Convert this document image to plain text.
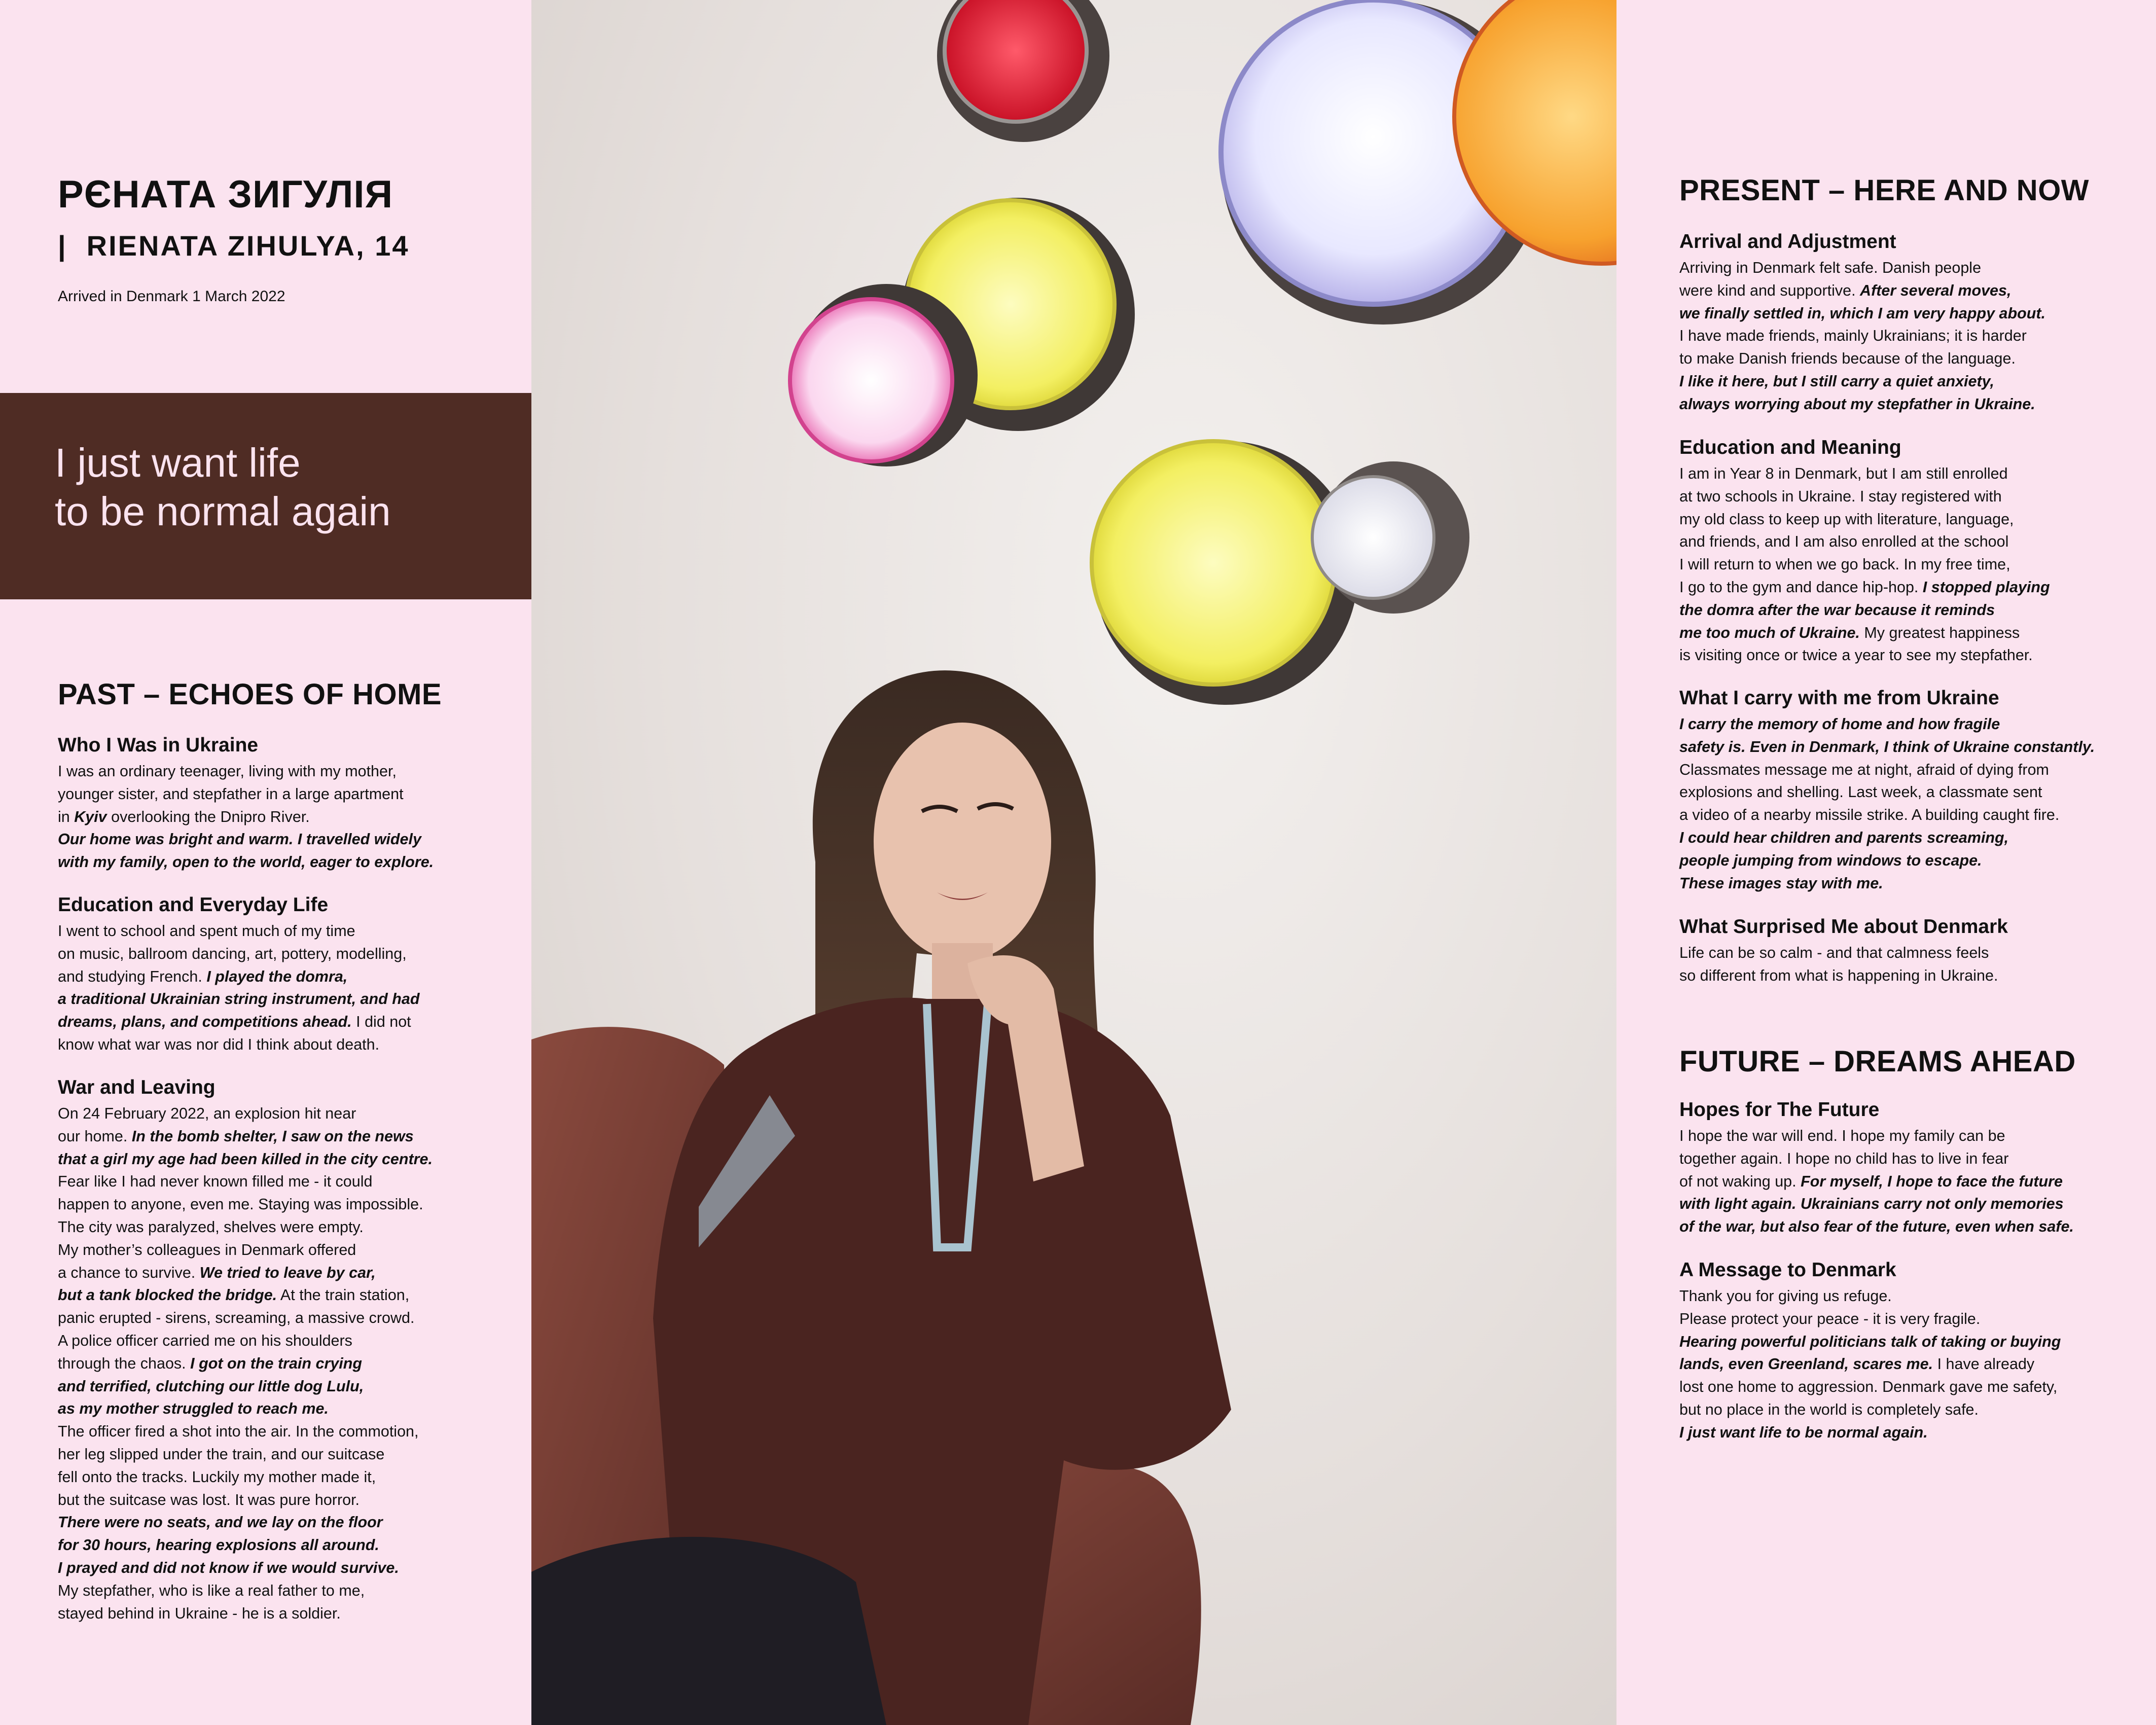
РЄНАТА ЗИГУЛІЯ
| RIENATA ZIHULYA, 14
Arrived in Denmark 1 March 2022
I just want life
to be normal again
PAST – ECHOES OF HOME
Who I Was in Ukraine
I was an ordinary teenager, living with my mother,
younger sister, and stepfather in a large apartment
in Kyiv overlooking the Dnipro River.
Our home was bright and warm. I travelled widely
with my family, open to the world, eager to explore.
Education and Everyday Life
I went to school and spent much of my time
on music, ballroom dancing, art, pottery, modelling,
and studying French. I played the domra,
a traditional Ukrainian string instrument, and had
dreams, plans, and competitions ahead. I did not
know what war was nor did I think about death.
War and Leaving
On 24 February 2022, an explosion hit near
our home. In the bomb shelter, I saw on the news
that a girl my age had been killed in the city centre.
Fear like I had never known filled me - it could
happen to anyone, even me. Staying was impossible.
The city was paralyzed, shelves were empty.
My mother’s colleagues in Denmark offered
a chance to survive. We tried to leave by car,
but a tank blocked the bridge. At the train station,
panic erupted - sirens, screaming, a massive crowd.
A police officer carried me on his shoulders
through the chaos. I got on the train crying
and terrified, clutching our little dog Lulu,
as my mother struggled to reach me.
The officer fired a shot into the air. In the commotion,
her leg slipped under the train, and our suitcase
fell onto the tracks. Luckily my mother made it,
but the suitcase was lost. It was pure horror.
There were no seats, and we lay on the floor
for 30 hours, hearing explosions all around.
I prayed and did not know if we would survive.
My stepfather, who is like a real father to me,
stayed behind in Ukraine - he is a soldier.
PRESENT – HERE AND NOW
Arrival and Adjustment
Arriving in Denmark felt safe. Danish people
were kind and supportive. After several moves,
we finally settled in, which I am very happy about.
I have made friends, mainly Ukrainians; it is harder
to make Danish friends because of the language.
I like it here, but I still carry a quiet anxiety,
always worrying about my stepfather in Ukraine.
Education and Meaning
I am in Year 8 in Denmark, but I am still enrolled
at two schools in Ukraine. I stay registered with
my old class to keep up with literature, language,
and friends, and I am also enrolled at the school
I will return to when we go back. In my free time,
I go to the gym and dance hip-hop. I stopped playing
the domra after the war because it reminds
me too much of Ukraine. My greatest happiness
is visiting once or twice a year to see my stepfather.
What I carry with me from Ukraine
I carry the memory of home and how fragile
safety is. Even in Denmark, I think of Ukraine constantly.
Classmates message me at night, afraid of dying from
explosions and shelling. Last week, a classmate sent
a video of a nearby missile strike. A building caught fire.
I could hear children and parents screaming,
people jumping from windows to escape.
These images stay with me.
What Surprised Me about Denmark
Life can be so calm - and that calmness feels
so different from what is happening in Ukraine.
FUTURE – DREAMS AHEAD
Hopes for The Future
I hope the war will end. I hope my family can be
together again. I hope no child has to live in fear
of not waking up. For myself, I hope to face the future
with light again. Ukrainians carry not only memories
of the war, but also fear of the future, even when safe.
A Message to Denmark
Thank you for giving us refuge.
Please protect your peace - it is very fragile.
Hearing powerful politicians talk of taking or buying
lands, even Greenland, scares me. I have already
lost one home to aggression. Denmark gave me safety,
but no place in the world is completely safe.
I just want life to be normal again.
